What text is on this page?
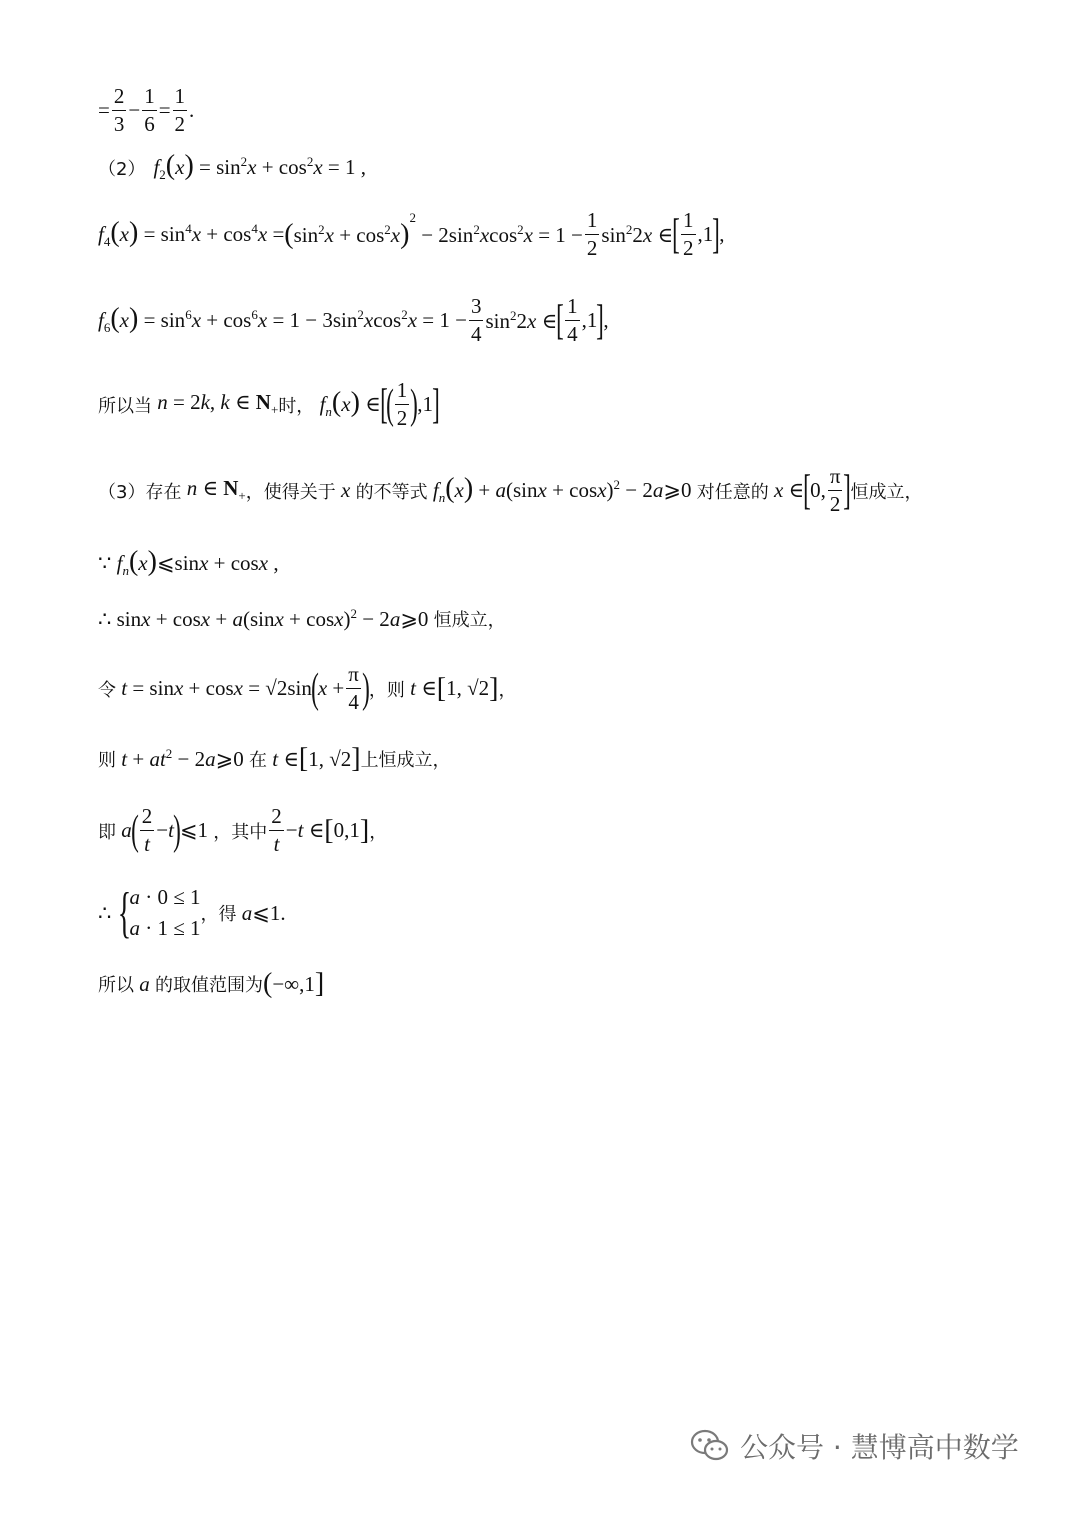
= $\frac{2}{3} - \frac{1}{6} = \frac{1}{2}$ .
（2） $f_2(x) = \sin^2x + \cos^2x = 1$ ,
$f_4(x) = \sin^4x + \cos^4x$ = ( $\sin^2x + \cos^2x$ )
$^2$
− $2\sin^2xcos^2x = 1 - \frac{1}{2} \sin^22x$ ∈ [ $\frac{1}{2} ,1$ ] ,
$f_6(x) = \sin^6x + \cos^6x = 1 - 3\sin^2xcos^2x = 1 - \frac{3}{4} \sin^22x$ ∈ [ $\frac{1}{4} ,1$ ] ,
所以当 n = 2k, k ∈ $N_+$ 时， $f_n(x)$ ∈ [
( $\frac{1}{2}$ ) ,1 ]
（3）存在 n ∈ $N_+$ ，使得关于 x 的不等式 $f_n(x) + a(\sin x + \cos x)^2$ − 2a⩾0 对任意的 x ∈ [ 0, $\frac{\pi}{2}$ ] 恒成立，
∵ $f_n(x)⩽\sin x + \cos x$ ,
∴ $\sin x + \cos x + a(\sin x + \cos x)^2$ − 2a⩾0 恒成立，
令 t = sinx + cosx = √2sin ( $x + \frac{\pi}{4}$ ) ，则 t ∈ [ 1, √2 ] ，
则 $t + at^2$ − 2a⩾0 在 t ∈ [ 1, √2 ] 上恒成立，
即 a ( $\frac{2}{t} -t$ ) ⩽1 ，其中 $\frac{2}{t} -t$ ∈ [ 0,1 ] ，
∴ {
a · 0 ≤ 1
a · 1 ≤ 1
，得 a⩽1 .
所以 a 的取值范围为 ( −∞,1 ]
公众号 · 慧博高中数学
